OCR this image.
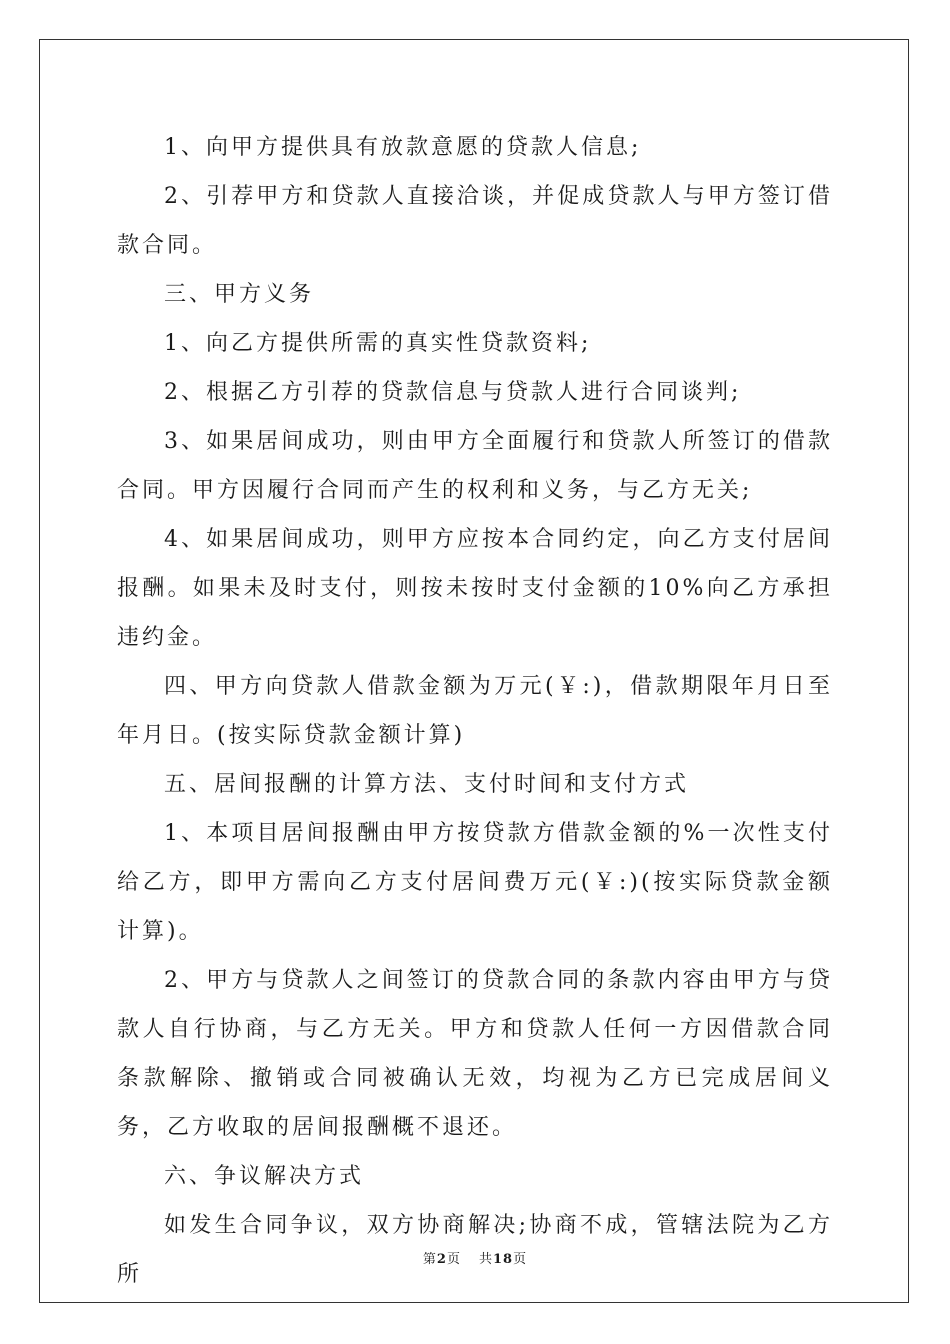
1、向甲方提供具有放款意愿的贷款人信息;

2、引荐甲方和贷款人直接洽谈，并促成贷款人与甲方签订借款合同。

三、甲方义务

1、向乙方提供所需的真实性贷款资料;

2、根据乙方引荐的贷款信息与贷款人进行合同谈判;

3、如果居间成功，则由甲方全面履行和贷款人所签订的借款合同。甲方因履行合同而产生的权利和义务，与乙方无关;

4、如果居间成功，则甲方应按本合同约定，向乙方支付居间报酬。如果未及时支付，则按未按时支付金额的10%向乙方承担违约金。

四、甲方向贷款人借款金额为万元(￥:)，借款期限年月日至年月日。(按实际贷款金额计算)

五、居间报酬的计算方法、支付时间和支付方式

1、本项目居间报酬由甲方按贷款方借款金额的%一次性支付给乙方，即甲方需向乙方支付居间费万元(￥:)(按实际贷款金额计算)。

2、甲方与贷款人之间签订的贷款合同的条款内容由甲方与贷款人自行协商，与乙方无关。甲方和贷款人任何一方因借款合同条款解除、撤销或合同被确认无效，均视为乙方已完成居间义务，乙方收取的居间报酬概不退还。

六、争议解决方式

如发生合同争议，双方协商解决;协商不成，管辖法院为乙方所

第2页 共18页
